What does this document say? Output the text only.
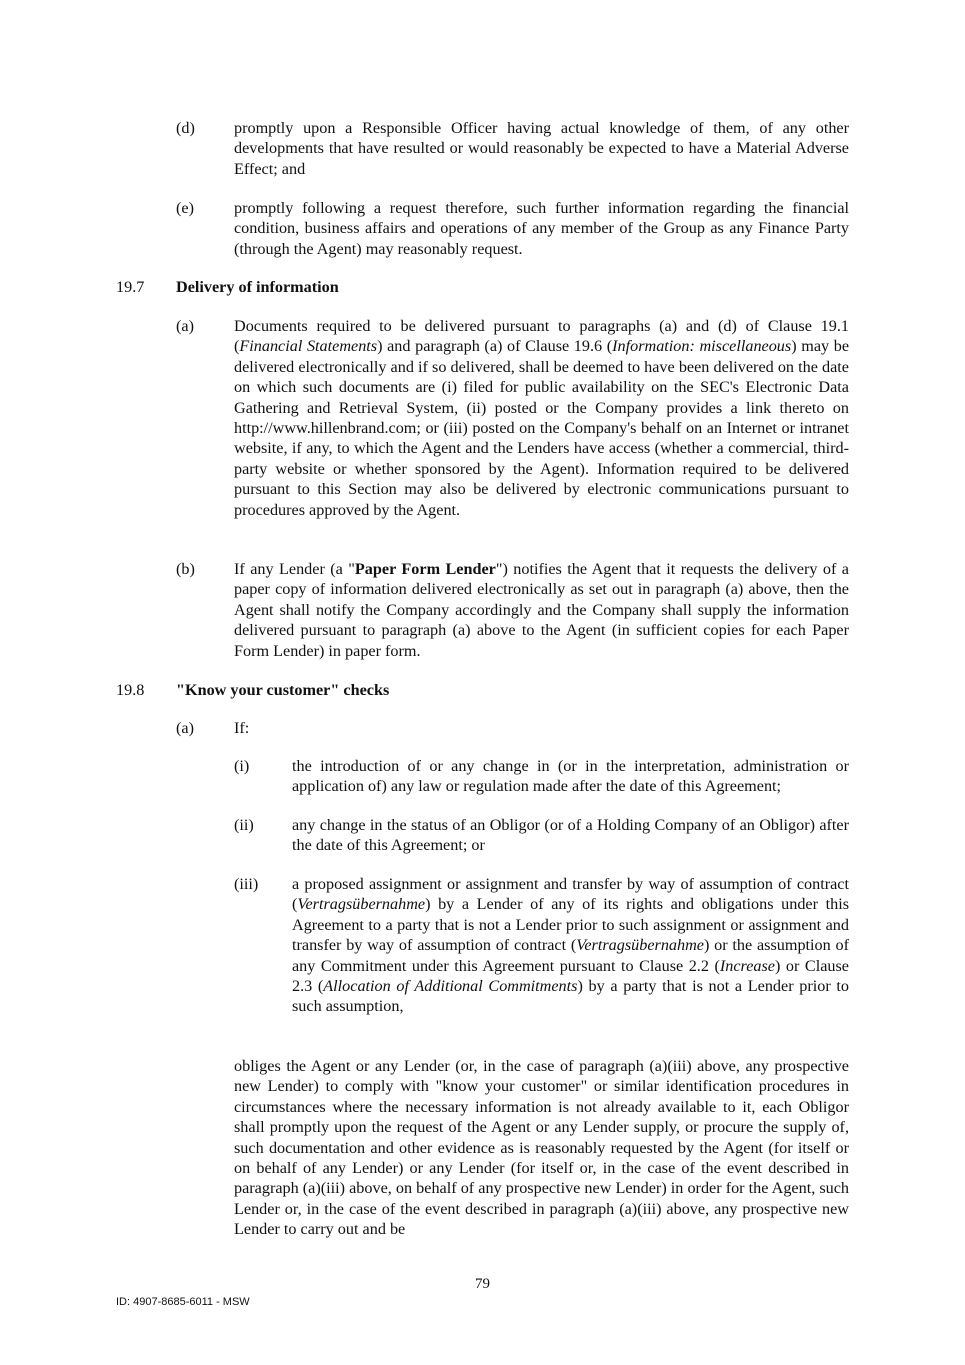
(d) promptly upon a Responsible Officer having actual knowledge of them, of any other developments that have resulted or would reasonably be expected to have a Material Adverse Effect; and
(e) promptly following a request therefore, such further information regarding the financial condition, business affairs and operations of any member of the Group as any Finance Party (through the Agent) may reasonably request.
19.7 Delivery of information
(a) Documents required to be delivered pursuant to paragraphs (a) and (d) of Clause 19.1 (Financial Statements) and paragraph (a) of Clause 19.6 (Information: miscellaneous) may be delivered electronically and if so delivered, shall be deemed to have been delivered on the date on which such documents are (i) filed for public availability on the SEC's Electronic Data Gathering and Retrieval System, (ii) posted or the Company provides a link thereto on http://www.hillenbrand.com; or (iii) posted on the Company's behalf on an Internet or intranet website, if any, to which the Agent and the Lenders have access (whether a commercial, third-party website or whether sponsored by the Agent). Information required to be delivered pursuant to this Section may also be delivered by electronic communications pursuant to procedures approved by the Agent.
(b) If any Lender (a "Paper Form Lender") notifies the Agent that it requests the delivery of a paper copy of information delivered electronically as set out in paragraph (a) above, then the Agent shall notify the Company accordingly and the Company shall supply the information delivered pursuant to paragraph (a) above to the Agent (in sufficient copies for each Paper Form Lender) in paper form.
19.8 "Know your customer" checks
(a) If:
(i)	the introduction of or any change in (or in the interpretation, administration or application of) any law or regulation made after the date of this Agreement;
(ii) any change in the status of an Obligor (or of a Holding Company of an Obligor) after the date of this Agreement; or
(iii) a proposed assignment or assignment and transfer by way of assumption of contract (Vertragsübernahme) by a Lender of any of its rights and obligations under this Agreement to a party that is not a Lender prior to such assignment or assignment and transfer by way of assumption of contract (Vertragsübernahme) or the assumption of any Commitment under this Agreement pursuant to Clause 2.2 (Increase) or Clause 2.3 (Allocation of Additional Commitments) by a party that is not a Lender prior to such assumption,
obliges the Agent or any Lender (or, in the case of paragraph (a)(iii) above, any prospective new Lender) to comply with "know your customer" or similar identification procedures in circumstances where the necessary information is not already available to it, each Obligor shall promptly upon the request of the Agent or any Lender supply, or procure the supply of, such documentation and other evidence as is reasonably requested by the Agent (for itself or on behalf of any Lender) or any Lender (for itself or, in the case of the event described in paragraph (a)(iii) above, on behalf of any prospective new Lender) in order for the Agent, such Lender or, in the case of the event described in paragraph (a)(iii) above, any prospective new Lender to carry out and be
79
ID: 4907-8685-6011 - MSW
